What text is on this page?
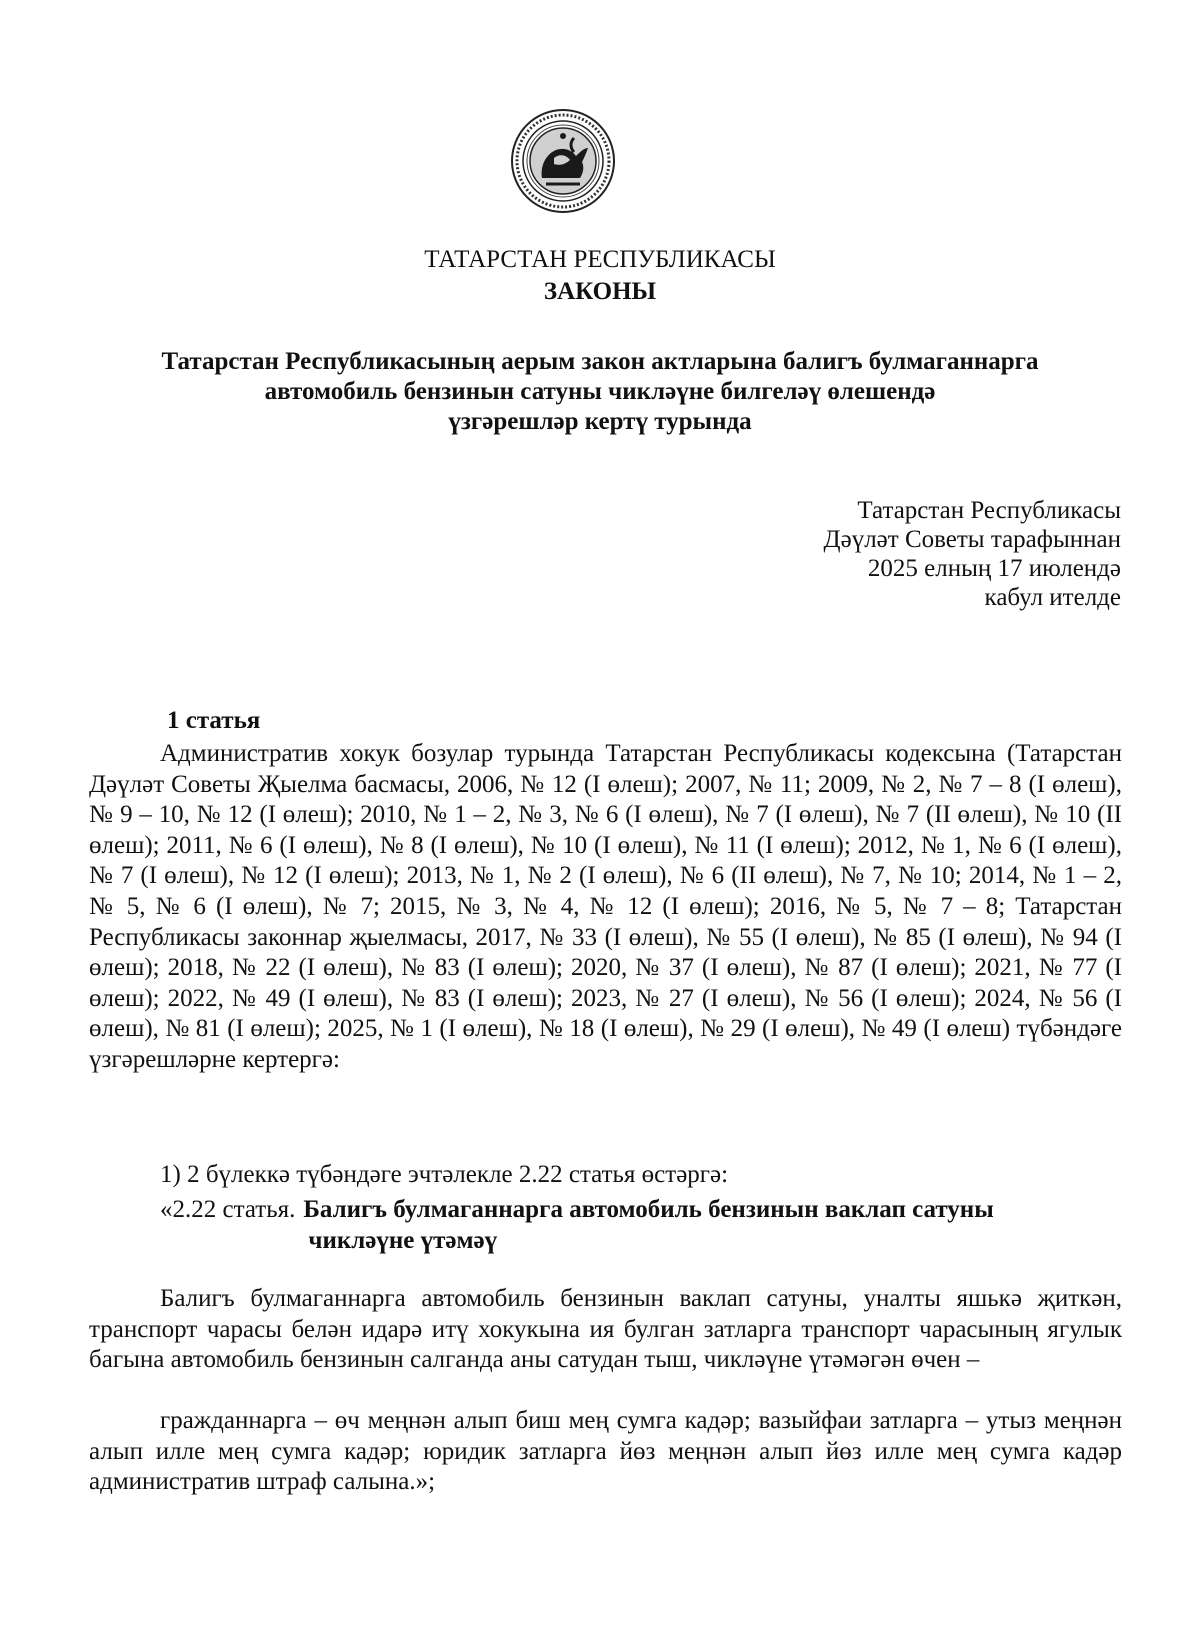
ТАТАРСТАН РЕСПУБЛИКАСЫ
ЗАКОНЫ
Татарстан Республикасының аерым закон актларына балигъ булмаганнарга
автомобиль бензинын сатуны чикләүне билгеләү өлешендә
үзгәрешләр кертү турында
Татарстан Республикасы
Дәүләт Советы тарафыннан
2025 елның 17 июлендә
кабул ителде
1 статья
Административ хокук бозулар турында Татарстан Республикасы кодексына (Татарстан Дәүләт Советы Җыелма басмасы, 2006, № 12 (I өлеш); 2007, № 11; 2009, № 2, № 7 – 8 (I өлеш), № 9 – 10, № 12 (I өлеш); 2010, № 1 – 2, № 3, № 6 (I өлеш), № 7 (I өлеш), № 7 (II өлеш), № 10 (II өлеш); 2011, № 6 (I өлеш), № 8 (I өлеш), № 10 (I өлеш), № 11 (I өлеш); 2012, № 1, № 6 (I өлеш), № 7 (I өлеш), № 12 (I өлеш); 2013, № 1, № 2 (I өлеш), № 6 (II өлеш), № 7, № 10; 2014, № 1 – 2, № 5, № 6 (I өлеш), № 7; 2015, № 3, № 4, № 12 (I өлеш); 2016, № 5, № 7 – 8; Татарстан Республикасы законнар җыелмасы, 2017, № 33 (I өлеш), № 55 (I өлеш), № 85 (I өлеш), № 94 (I өлеш); 2018, № 22 (I өлеш), № 83 (I өлеш); 2020, № 37 (I өлеш), № 87 (I өлеш); 2021, № 77 (I өлеш); 2022, № 49 (I өлеш), № 83 (I өлеш); 2023, № 27 (I өлеш), № 56 (I өлеш); 2024, № 56 (I өлеш), № 81 (I өлеш); 2025, № 1 (I өлеш), № 18 (I өлеш), № 29 (I өлеш), № 49 (I өлеш) түбәндәге үзгәрешләрне кертергә:
1) 2 бүлеккә түбәндәге эчтәлекле 2.22 статья өстәргә:
«2.22 статья. Балигъ булмаганнарга автомобиль бензинын ваклап сатуны
чикләүне үтәмәү
Балигъ булмаганнарга автомобиль бензинын ваклап сатуны, уналты яшькә җиткән, транспорт чарасы белән идарә итү хокукына ия булган затларга транспорт чарасының ягулык багына автомобиль бензинын салганда аны сатудан тыш, чикләүне үтәмәгән өчен –
гражданнарга – өч меңнән алып биш мең сумга кадәр; вазыйфаи затларга – утыз меңнән алып илле мең сумга кадәр; юридик затларга йөз меңнән алып йөз илле мең сумга кадәр административ штраф салына.»;
